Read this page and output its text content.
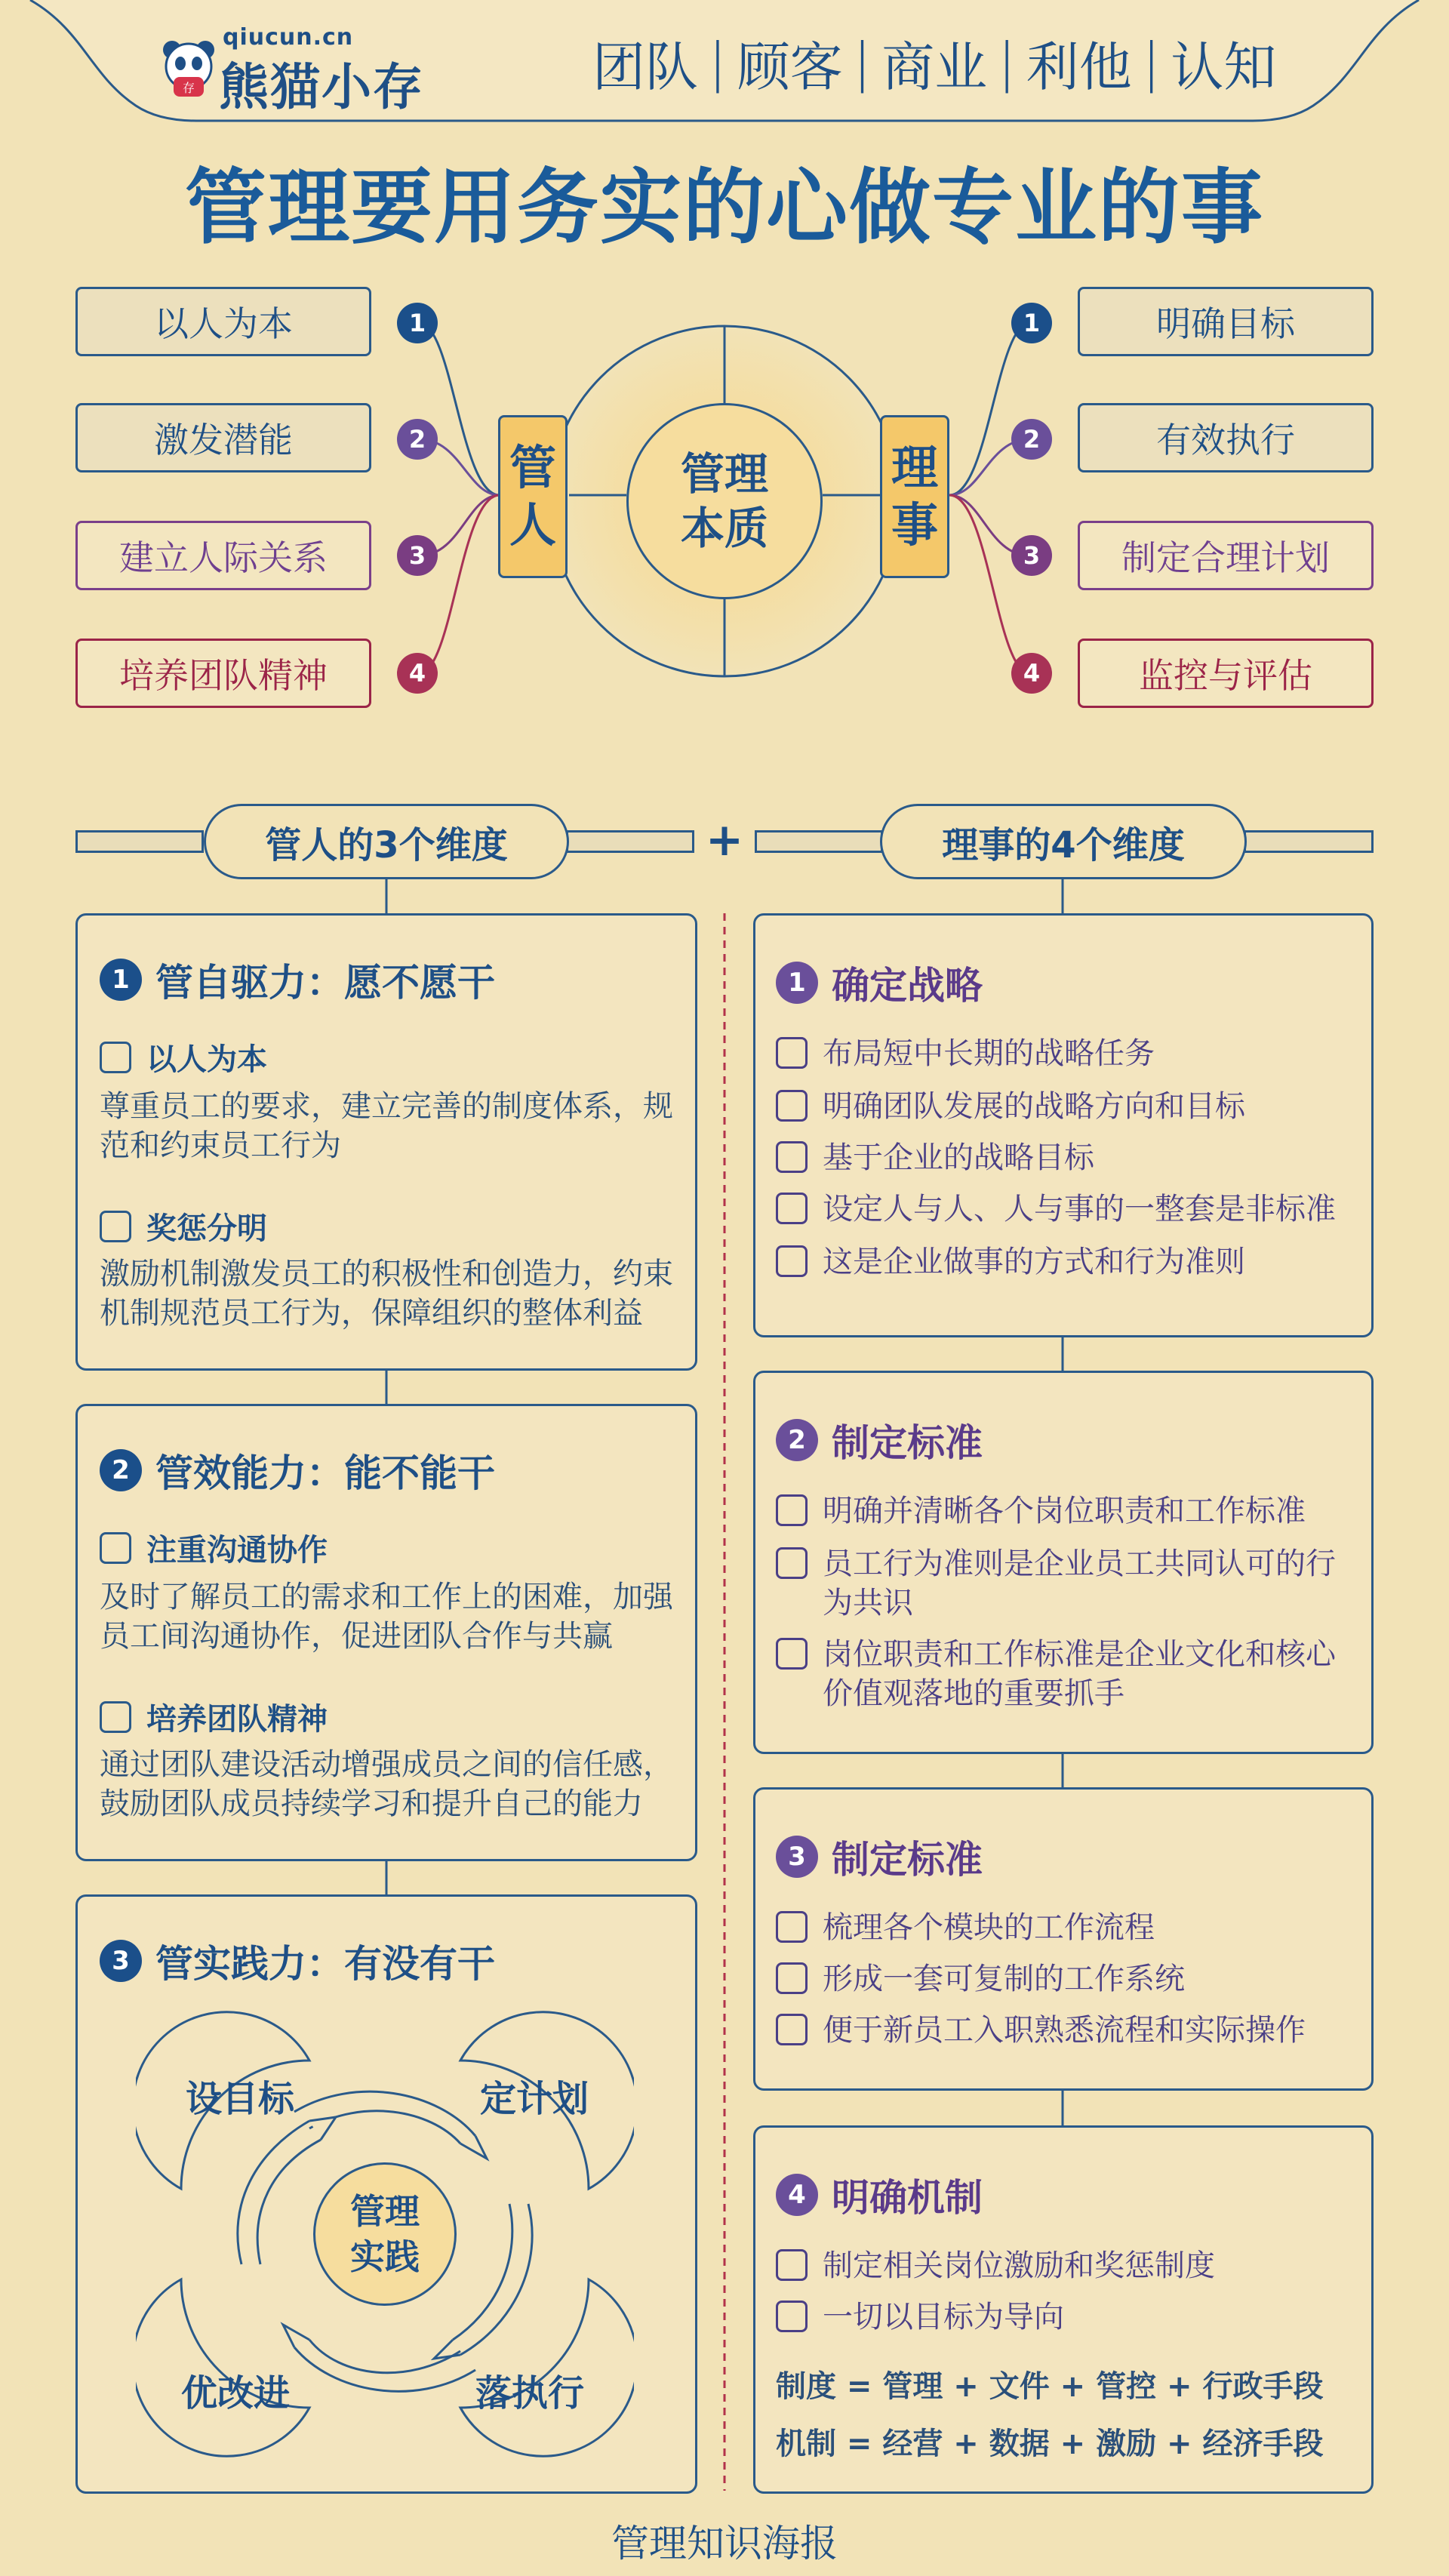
存
qiucun.cn
熊猫小存	团队 | 顾客 | 商业 | 利他 | 认知
管理要用务实的心做专业的事
管理
本质
管
人
理
事
以人为本	1
激发潜能	2
建立人际关系	3
培养团队精神	4
1	明确目标
2	有效执行
3	制定合理计划
4	监控与评估
管人的3个维度	+	理事的4个维度
1 管自驱力：愿不愿干
以人为本
尊重员工的要求，建立完善的制度体系，规
范和约束员工行为
奖惩分明
激励机制激发员工的积极性和创造力，约束
机制规范员工行为，保障组织的整体利益
2 管效能力：能不能干
注重沟通协作
及时了解员工的需求和工作上的困难，加强
员工间沟通协作，促进团队合作与共赢
培养团队精神
通过团队建设活动增强成员之间的信任感，
鼓励团队成员持续学习和提升自己的能力
3 管实践力：有没有干
管理
实践
设目标	定计划
落执行
优改进
1 确定战略
布局短中长期的战略任务
明确团队发展的战略方向和目标
基于企业的战略目标
设定人与人、人与事的一整套是非标准
这是企业做事的方式和行为准则
2 制定标准
明确并清晰各个岗位职责和工作标准
员工行为准则是企业员工共同认可的行
为共识
岗位职责和工作标准是企业文化和核心
价值观落地的重要抓手
3 制定标准
梳理各个模块的工作流程
形成一套可复制的工作系统
便于新员工入职熟悉流程和实际操作
4 明确机制
制定相关岗位激励和奖惩制度
一切以目标为导向
制度 = 管理 + 文件 + 管控 + 行政手段
机制 = 经营 + 数据 + 激励 + 经济手段
管理知识海报
